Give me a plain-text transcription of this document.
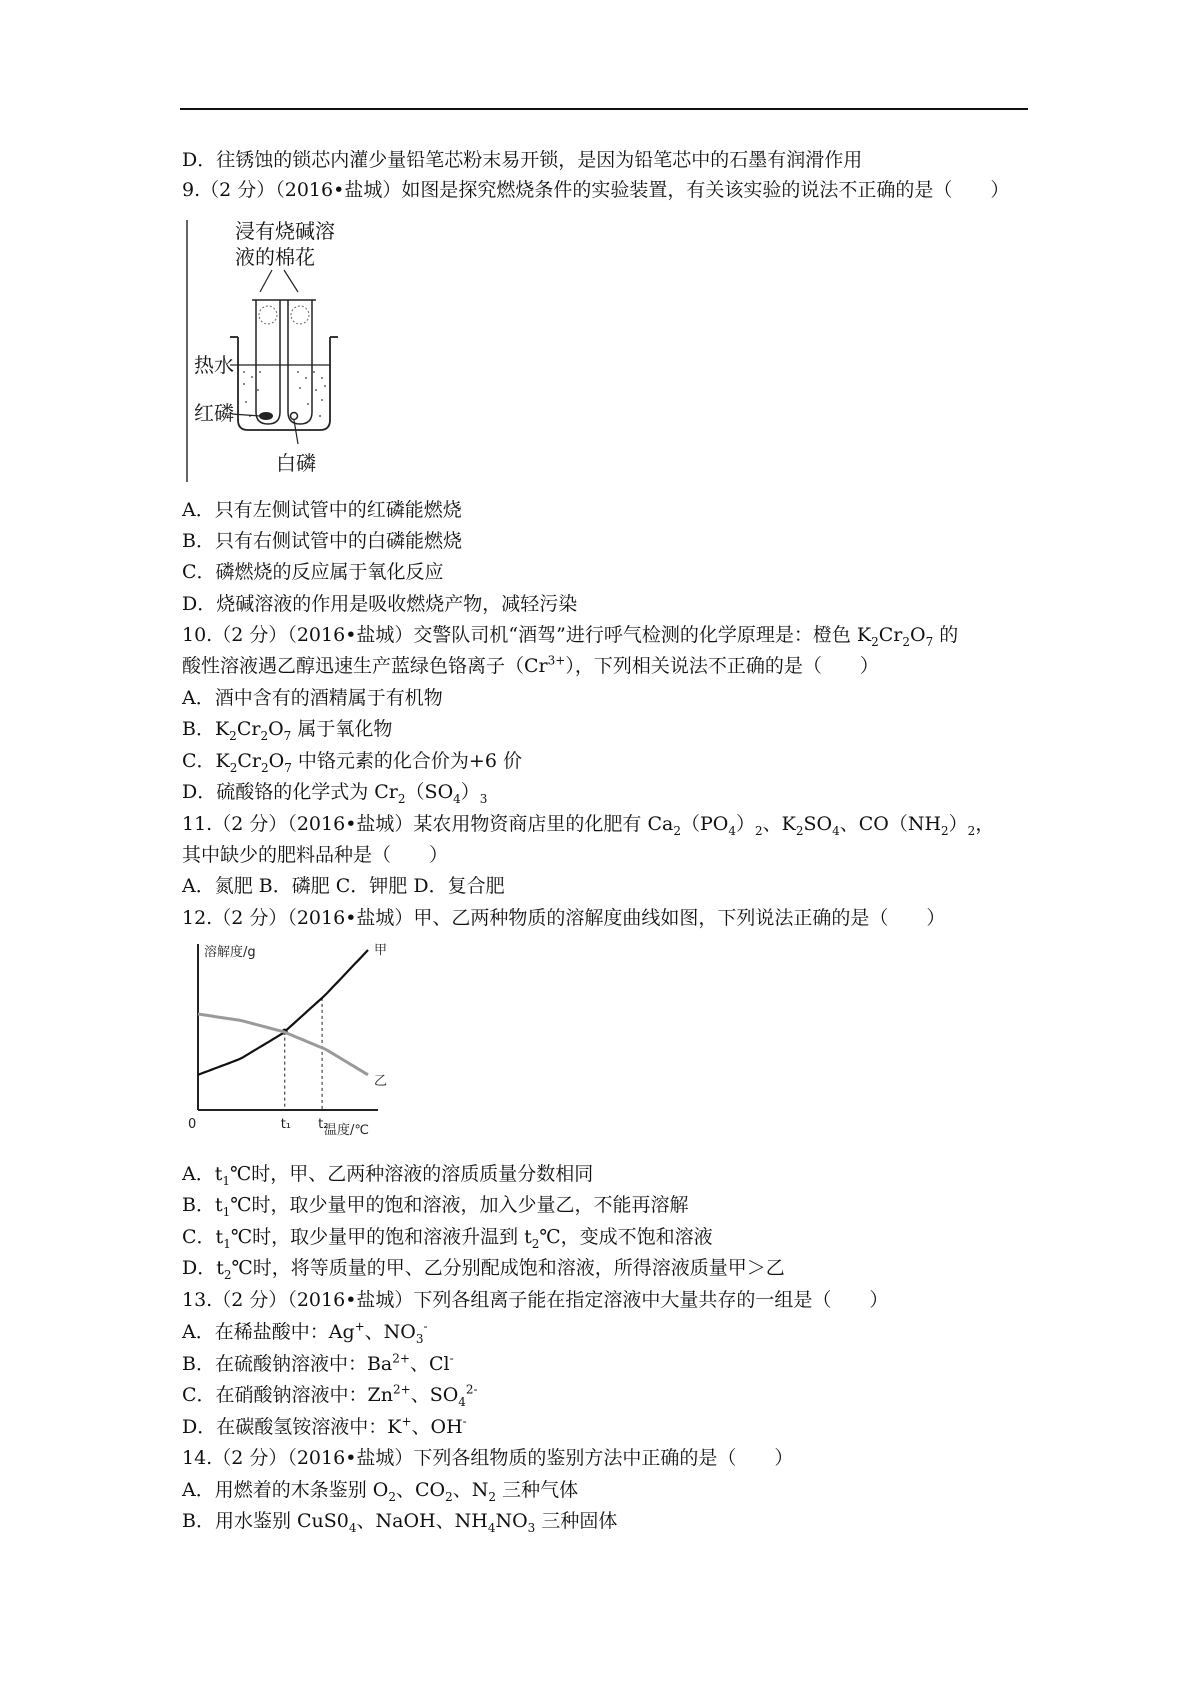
D．往锈蚀的锁芯内灌少量铅笔芯粉末易开锁，是因为铅笔芯中的石墨有润滑作用
9.（2 分）（2016•盐城）如图是探究燃烧条件的实验装置，有关该实验的说法不正确的是（　　）
浸有烧碱溶
液的棉花
热水
红磷
白磷
A．只有左侧试管中的红磷能燃烧
B．只有右侧试管中的白磷能燃烧
C．磷燃烧的反应属于氧化反应
D．烧碱溶液的作用是吸收燃烧产物，减轻污染
10.（2 分）（2016•盐城）交警队司机“酒驾”进行呼气检测的化学原理是：橙色 $K_2Cr_2O_7$ 的
酸性溶液遇乙醇迅速生产蓝绿色铬离子$(Cr^{3+})$，下列相关说法不正确的是（　　）
A．酒中含有的酒精属于有机物
B．$K_2Cr_2O_7$ 属于氧化物
C．$K_2Cr_2O_7$ 中铬元素的化合价为+6 价
D．硫酸铬的化学式为 $Cr_2(SO_4)_3$
11.（2 分）（2016•盐城）某农用物资商店里的化肥有 $Ca_2(PO_4)_2$、$K_2SO_4$、$CO(NH_2)_2$，
其中缺少的肥料品种是（　　）
A．氮肥 B．磷肥 C．钾肥 D．复合肥
12.（2 分）（2016•盐城）甲、乙两种物质的溶解度曲线如图，下列说法正确的是（　　）
甲
乙
溶解度/g
温度/℃
0	t₁ t₂
A．$t_1℃$时，甲、乙两种溶液的溶质质量分数相同
B．$t_1℃$时，取少量甲的饱和溶液，加入少量乙，不能再溶解
C．$t_1℃$时，取少量甲的饱和溶液升温到 $t_2℃$，变成不饱和溶液
D．$t_2℃$时，将等质量的甲、乙分别配成饱和溶液，所得溶液质量甲＞乙
13.（2 分）（2016•盐城）下列各组离子能在指定溶液中大量共存的一组是（　　）
A．在稀盐酸中：Ag+、$NO_3^-$
B．在硫酸钠溶液中：$Ba^{2+}$、Cl-
C．在硝酸钠溶液中：$Zn^{2+}$、$SO_4^{2-}$
D．在碳酸氢铵溶液中：K+、OH-
14.（2 分）（2016•盐城）下列各组物质的鉴别方法中正确的是（　　）
A．用燃着的木条鉴别 $O_2$、$CO_2$、$N_2$ 三种气体
B．用水鉴别 $CuS0_4$、NaOH、$NH_4NO_3$ 三种固体
